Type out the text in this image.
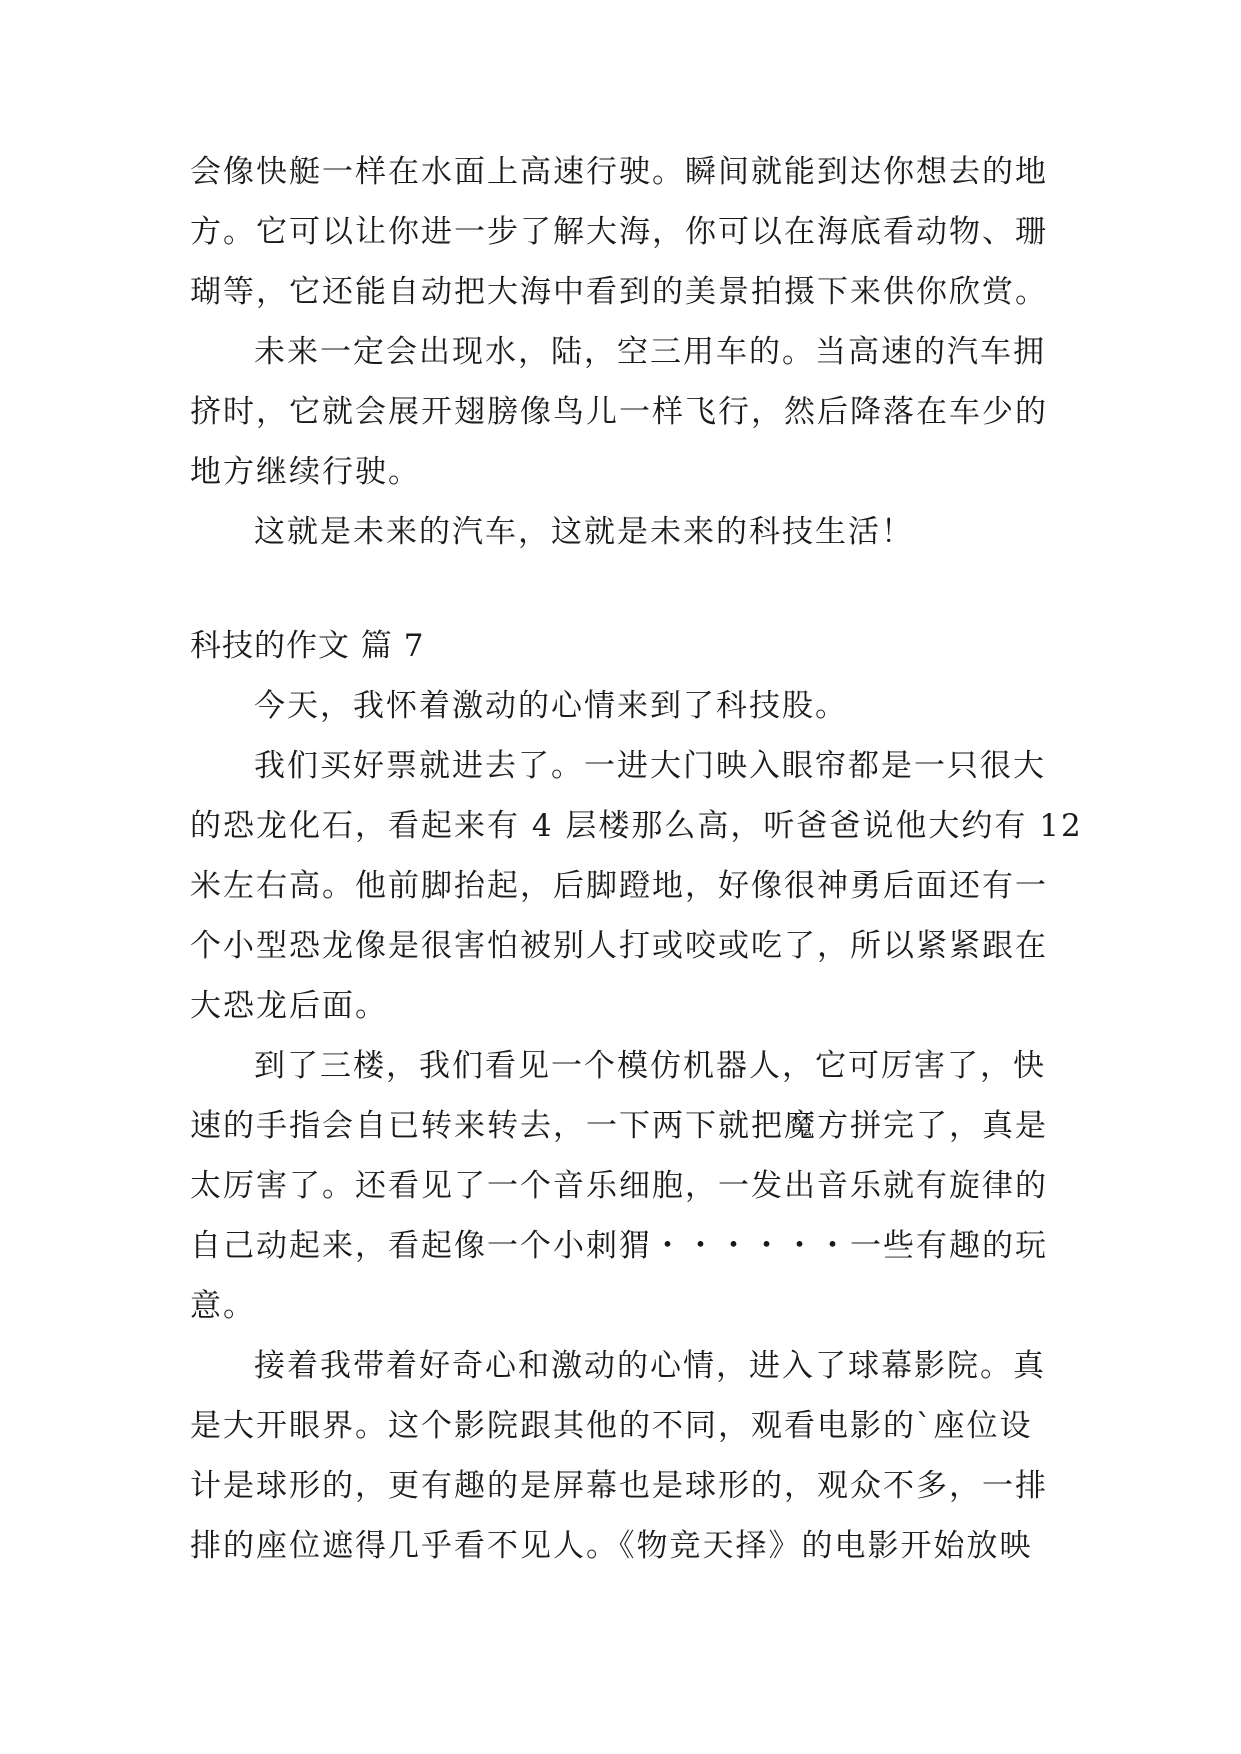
会像快艇一样在水面上高速行驶。瞬间就能到达你想去的地
方。它可以让你进一步了解大海，你可以在海底看动物、珊
瑚等，它还能自动把大海中看到的美景拍摄下来供你欣赏。
未来一定会出现水，陆，空三用车的。当高速的汽车拥
挤时，它就会展开翅膀像鸟儿一样飞行，然后降落在车少的
地方继续行驶。
这就是未来的汽车，这就是未来的科技生活！
科技的作文 篇 7
今天，我怀着激动的心情来到了科技股。
我们买好票就进去了。一进大门映入眼帘都是一只很大
的恐龙化石，看起来有 4 层楼那么高，听爸爸说他大约有 12
米左右高。他前脚抬起，后脚蹬地，好像很神勇后面还有一
个小型恐龙像是很害怕被别人打或咬或吃了，所以紧紧跟在
大恐龙后面。
到了三楼，我们看见一个模仿机器人，它可厉害了，快
速的手指会自已转来转去，一下两下就把魔方拼完了，真是
太厉害了。还看见了一个音乐细胞，一发出音乐就有旋律的
自己动起来，看起像一个小刺猬・・・・・・一些有趣的玩
意。
接着我带着好奇心和激动的心情，进入了球幕影院。真
是大开眼界。这个影院跟其他的不同，观看电影的`座位设
计是球形的，更有趣的是屏幕也是球形的，观众不多，一排
排的座位遮得几乎看不见人。《物竞天择》的电影开始放映
